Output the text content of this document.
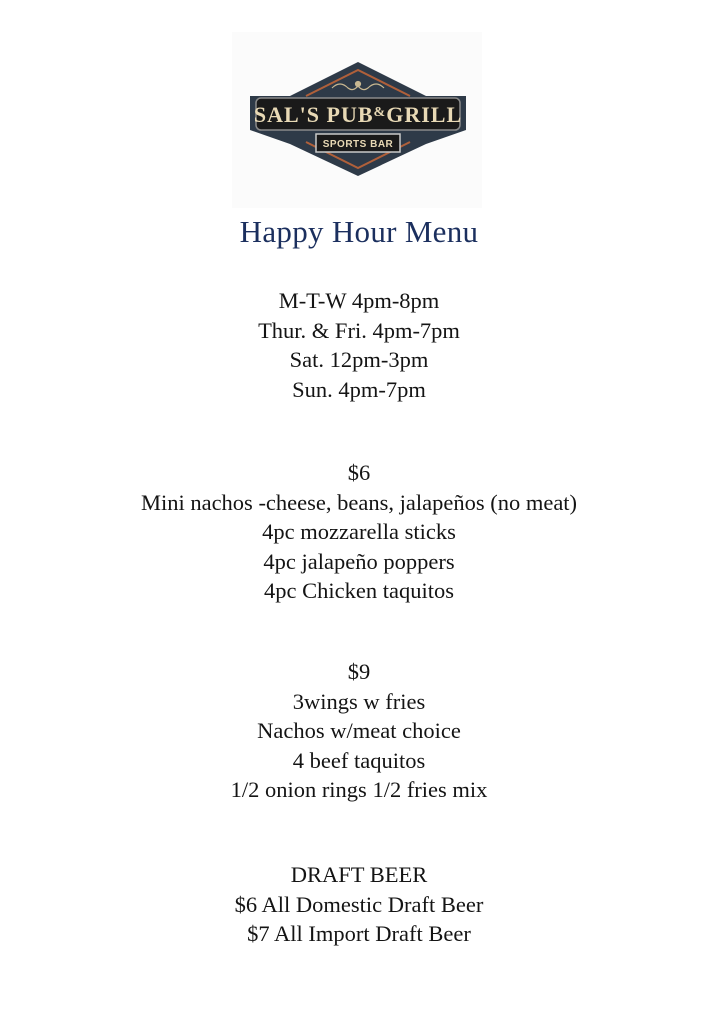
SAL'S PUB&GRILL
SPORTS BAR
Happy Hour Menu
M-T-W 4pm-8pm
Thur. & Fri. 4pm-7pm
Sat. 12pm-3pm
Sun. 4pm-7pm
$6
Mini nachos -cheese, beans, jalapeños (no meat)
4pc mozzarella sticks
4pc jalapeño poppers
4pc Chicken taquitos
$9
3wings w fries
Nachos w/meat choice
4 beef taquitos
1/2 onion rings 1/2 fries mix
DRAFT BEER
$6 All Domestic Draft Beer
$7 All Import Draft Beer
